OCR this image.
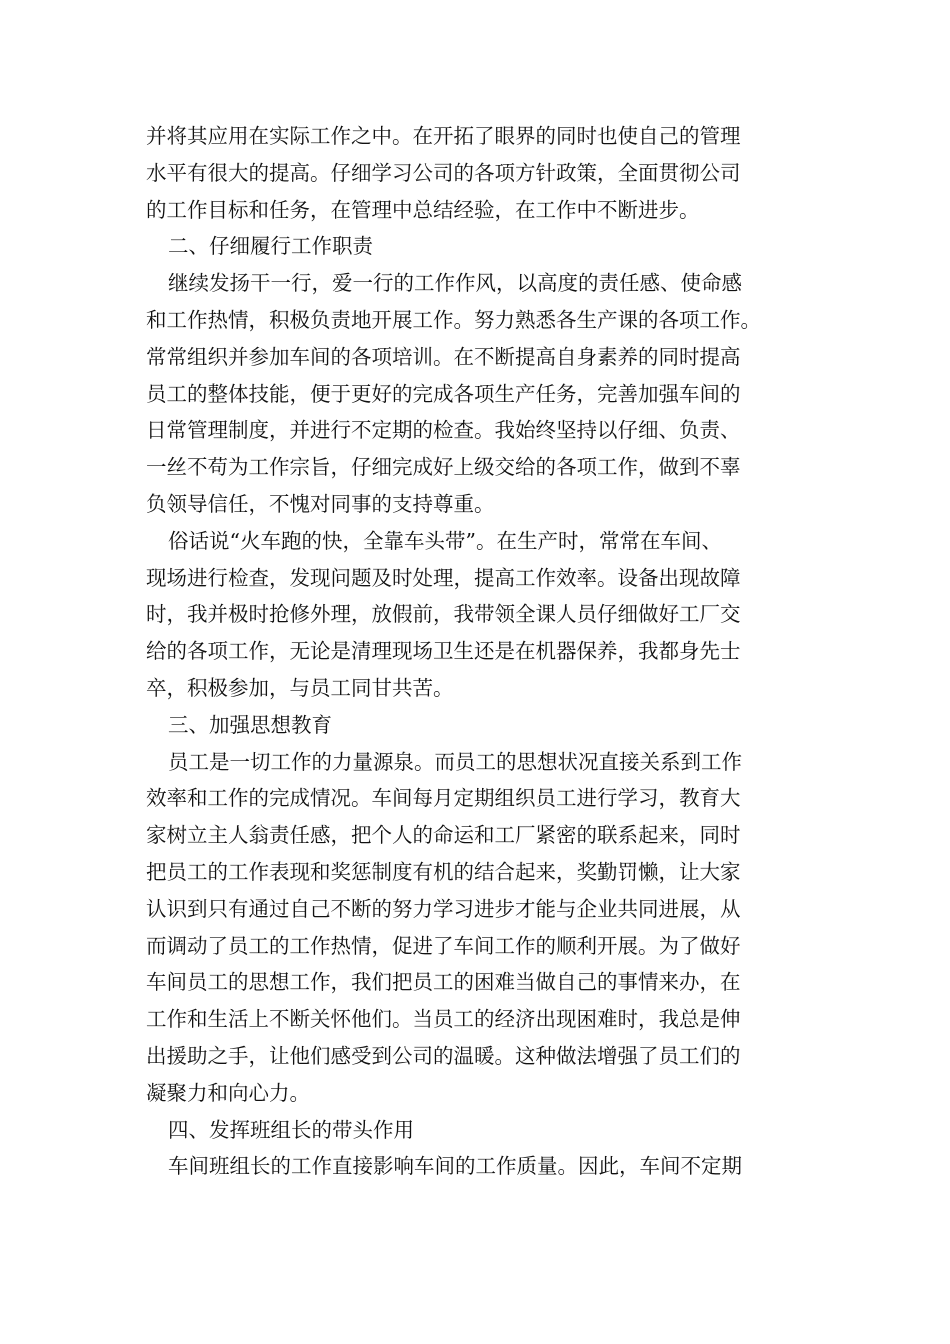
并将其应用在实际工作之中。在开拓了眼界的同时也使自己的管理
水平有很大的提高。仔细学习公司的各项方针政策，全面贯彻公司
的工作目标和任务，在管理中总结经验，在工作中不断进步。
二、仔细履行工作职责
继续发扬干一行，爱一行的工作作风，以高度的责任感、使命感
和工作热情，积极负责地开展工作。努力熟悉各生产课的各项工作。
常常组织并参加车间的各项培训。在不断提高自身素养的同时提高
员工的整体技能，便于更好的完成各项生产任务，完善加强车间的
日常管理制度，并进行不定期的检查。我始终坚持以仔细、负责、
一丝不苟为工作宗旨，仔细完成好上级交给的各项工作，做到不辜
负领导信任，不愧对同事的支持尊重。
俗话说“火车跑的快，全靠车头带”。在生产时，常常在车间、
现场进行检查，发现问题及时处理，提高工作效率。设备出现故障
时，我并极时抢修外理，放假前，我带领全课人员仔细做好工厂交
给的各项工作，无论是清理现场卫生还是在机器保养，我都身先士
卒，积极参加，与员工同甘共苦。
三、加强思想教育
员工是一切工作的力量源泉。而员工的思想状况直接关系到工作
效率和工作的完成情况。车间每月定期组织员工进行学习，教育大
家树立主人翁责任感，把个人的命运和工厂紧密的联系起来，同时
把员工的工作表现和奖惩制度有机的结合起来，奖勤罚懒，让大家
认识到只有通过自己不断的努力学习进步才能与企业共同进展，从
而调动了员工的工作热情，促进了车间工作的顺利开展。为了做好
车间员工的思想工作，我们把员工的困难当做自己的事情来办，在
工作和生活上不断关怀他们。当员工的经济出现困难时，我总是伸
出援助之手，让他们感受到公司的温暖。这种做法增强了员工们的
凝聚力和向心力。
四、发挥班组长的带头作用
车间班组长的工作直接影响车间的工作质量。因此，车间不定期
